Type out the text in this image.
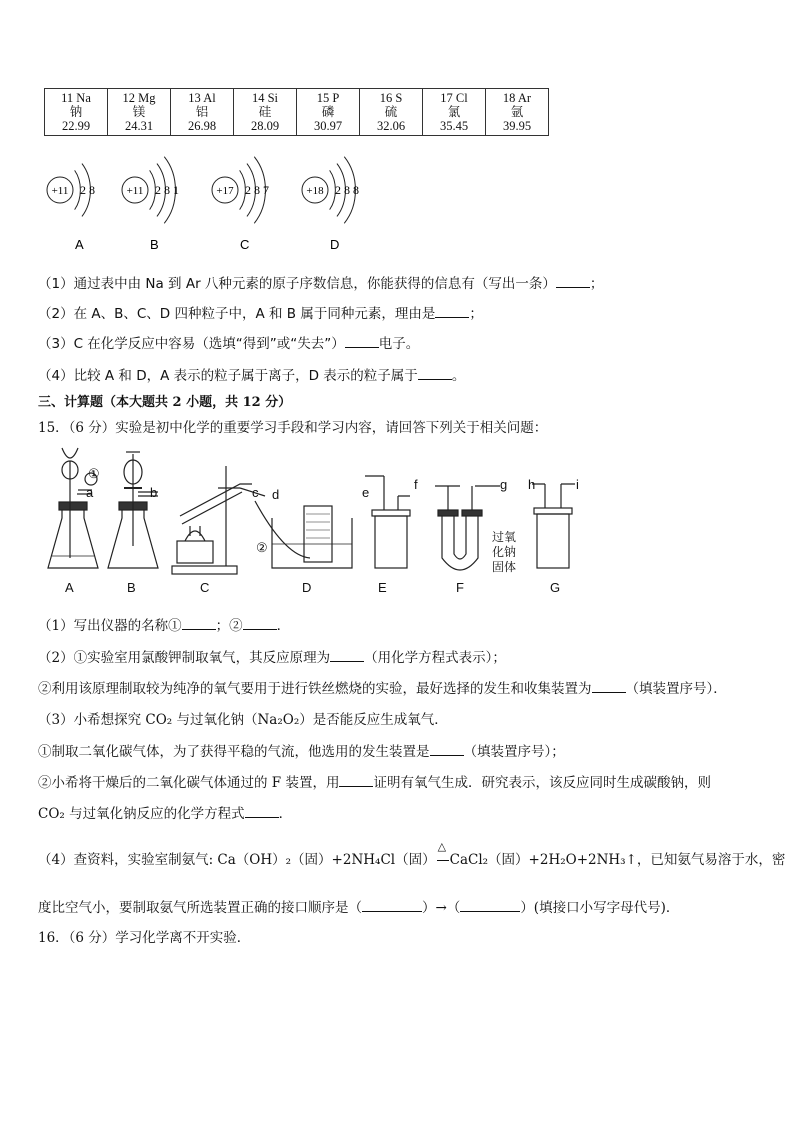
11 Na
钠
22.99

12 Mg
镁
24.31

13 Al
铝
26.98

14 Si
硅
28.09

15 P
磷
30.97

16 S
硫
32.06

17 Cl
氯
35.45

18 Ar
氩
39.95
+11 2 8
A
+11 2 8 1
B
+17 2 8 7
C
+18 2 8 8
D
（1）通过表中由 Na 到 Ar 八种元素的原子序数信息，你能获得的信息有（写出一条）	；
（2）在 A、B、C、D 四种粒子中，A 和 B 属于同种元素，理由是	；
（3）C 在化学反应中容易（选填“得到”或“失去”）	电子。
（4）比较 A 和 D，A 表示的粒子属于离子，D 表示的粒子属于	。
三、计算题（本大题共 2 小题，共 12 分）
15．（6 分）实验是初中化学的重要学习手段和学习内容，请回答下列关于相关问题：
a
①
b	c d
②
e
f	g h	i
过氧
化钠
固体
A	B	C	D	E	F	G
（1）写出仪器的名称①	；②	．
（2）①实验室用氯酸钾制取氧气，其反应原理为	（用化学方程式表示）；
②利用该原理制取较为纯净的氧气要用于进行铁丝燃烧的实验，最好选择的发生和收集装置为	（填装置序号）．
（3）小希想探究 CO₂ 与过氧化钠（Na₂O₂）是否能反应生成氧气．
①制取二氧化碳气体，为了获得平稳的气流，他选用的发生装置是	（填装置序号）；
②小希将干燥后的二氧化碳气体通过的 F 装置，用	证明有氧气生成．研究表示，该反应同时生成碳酸钠，则
CO₂ 与过氧化钠反应的化学方程式	．
（4）查资料，实验室制氨气: Ca（OH）₂（固）+2NH₄Cl（固）
△
CaCl₂（固）+2H₂O+2NH₃↑，已知氨气易溶于水，密
度比空气小，要制取氨气所选装置正确的接口顺序是（	）→（	）(填接口小写字母代号)．
16．（6 分）学习化学离不开实验．
